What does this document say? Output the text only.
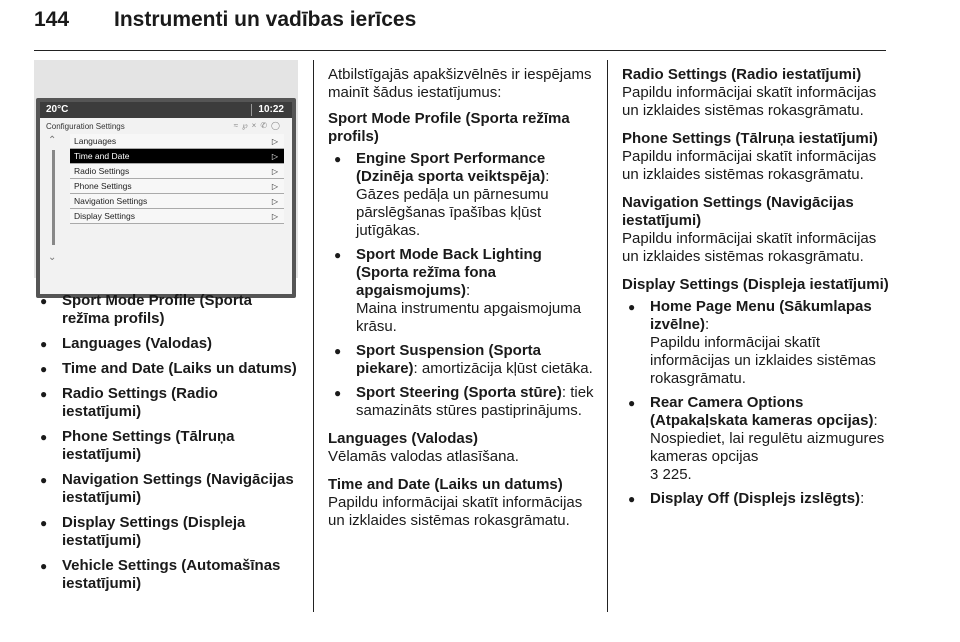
144 Instrumenti un vadības ierīces
20°C	10:22
Configuration Settings	≈℘×✆◯
⌃
⌄
Languages	▷
Time and Date	▷
Radio Settings	▷
Phone Settings	▷
Navigation Settings	▷
Display Settings	▷
● Sport Mode Profile (Sporta režīma profils)
● Languages (Valodas)
● Time and Date (Laiks un datums)
● Radio Settings (Radio iestatījumi)
● Phone Settings (Tālruņa iestatījumi)
● Navigation Settings (Navigācijas iestatījumi)
● Display Settings (Displeja iestatījumi)
● Vehicle Settings (Automašīnas iestatījumi)

Atbilstīgajās apakšizvēlnēs ir iespējams mainīt šādus iestatījumus:

Sport Mode Profile (Sporta režīma profils)

● Engine Sport Performance (Dzinēja sporta veiktspēja):

Gāzes pedāļa un pārnesumu pārslēgšanas īpašības kļūst jutīgākas.

● Sport Mode Back Lighting (Sporta režīma fona apgaismojums):

Maina instrumentu apgaismojuma krāsu.

● Sport Suspension (Sporta piekare): amortizācija kļūst cietāka.
● Sport Steering (Sporta stūre): tiek samazināts stūres pastiprinājums.

Languages (Valodas)

Vēlamās valodas atlasīšana.

Time and Date (Laiks un datums)

Papildu informācijai skatīt informācijas un izklaides sistēmas rokasgrāmatu.

Radio Settings (Radio iestatījumi)

Papildu informācijai skatīt informācijas un izklaides sistēmas rokasgrāmatu.

Phone Settings (Tālruņa iestatījumi)

Papildu informācijai skatīt informācijas un izklaides sistēmas rokasgrāmatu.

Navigation Settings (Navigācijas iestatījumi)

Papildu informācijai skatīt informācijas un izklaides sistēmas rokasgrāmatu.

Display Settings (Displeja iestatījumi)

● Home Page Menu (Sākumlapas izvēlne):

Papildu informācijai skatīt informācijas un izklaides sistēmas rokasgrāmatu.

● Rear Camera Options (Atpakaļskata kameras opcijas):

Nospiediet, lai regulētu aizmugures kameras opcijas

3 225.

● Display Off (Displejs izslēgts):
